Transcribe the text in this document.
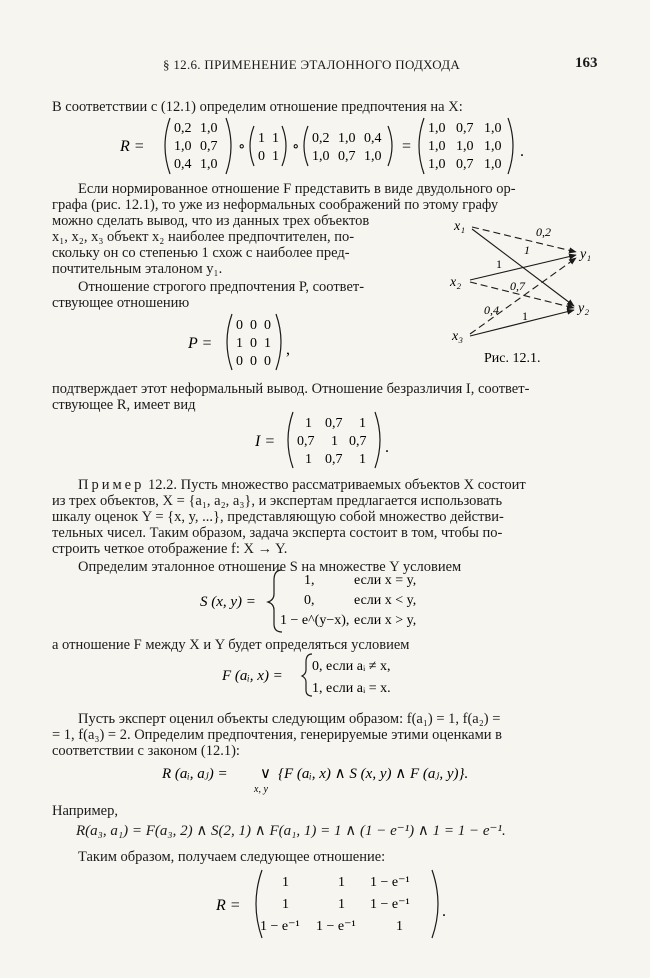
§ 12.6. ПРИМЕНЕНИЕ ЭТАЛОННОГО ПОДХОДА	163
В соответствии с (12.1) определим отношение предпочтения на X:
R =
0,2 1,0
1,0 0,7
0,4 1,0
∘
1 1
0 1
∘
0,2 1,0 0,4
1,0 0,7 1,0
=
1,0 0,7 1,0
1,0 1,0 1,0
1,0 0,7 1,0
.
Если нормированное отношение F представить в виде двудольного ор-
графа (рис. 12.1), то уже из неформальных соображений по этому графу
можно сделать вывод, что из данных трех объектов
x₁, x₂, x₃ объект x₂ наиболее предпочтителен, по-
скольку он со степенью 1 схож с наиболее пред-
почтительным эталоном y₁.
Отношение строгого предпочтения P, соответ-
ствующее отношению
P =
0 0 0
1 0 1
0 0 0
,
x₁
x₂
x₃
y₁
y₂
0,2
1
1
0,7
0,4 1
Рис. 12.1.
подтверждает этот неформальный вывод. Отношение безразличия I, соответ-
ствующее R, имеет вид
I =
1 0,7 1
0,7 1 0,7
1 0,7 1
.
Пример 12.2. Пусть множество рассматриваемых объектов X состоит
из трех объектов, X = {a₁, a₂, a₃}, и экспертам предлагается использовать
шкалу оценок Y = {x, y, ...}, представляющую собой множество действи-
тельных чисел. Таким образом, задача эксперта состоит в том, чтобы по-
строить четкое отображение f: X → Y.
Определим эталонное отношение S на множестве Y условием
S (x, y) =
1,	если x = y,
0,	если x < y,
1 − e^(y−x), если x > y,
а отношение F между X и Y будет определяться условием
F (aᵢ, x) =
0, если aᵢ ≠ x,
1, если aᵢ = x.
Пусть эксперт оценил объекты следующим образом: f(a₁) = 1, f(a₂) =
= 1, f(a₃) = 2. Определим предпочтения, генерируемые этими оценками в
соответствии с законом (12.1):
R (aᵢ, aⱼ) = ∨
x, y
{F (aᵢ, x) ∧ S (x, y) ∧ F (aⱼ, y)}.
Например,
R(a₃, a₁) = F(a₃, 2) ∧ S(2, 1) ∧ F(a₁, 1) = 1 ∧ (1 − e⁻¹) ∧ 1 = 1 − e⁻¹.
Таким образом, получаем следующее отношение:
R =
1	1 1 − e⁻¹
1	1 1 − e⁻¹
1 − e⁻¹ 1 − e⁻¹	1
.
